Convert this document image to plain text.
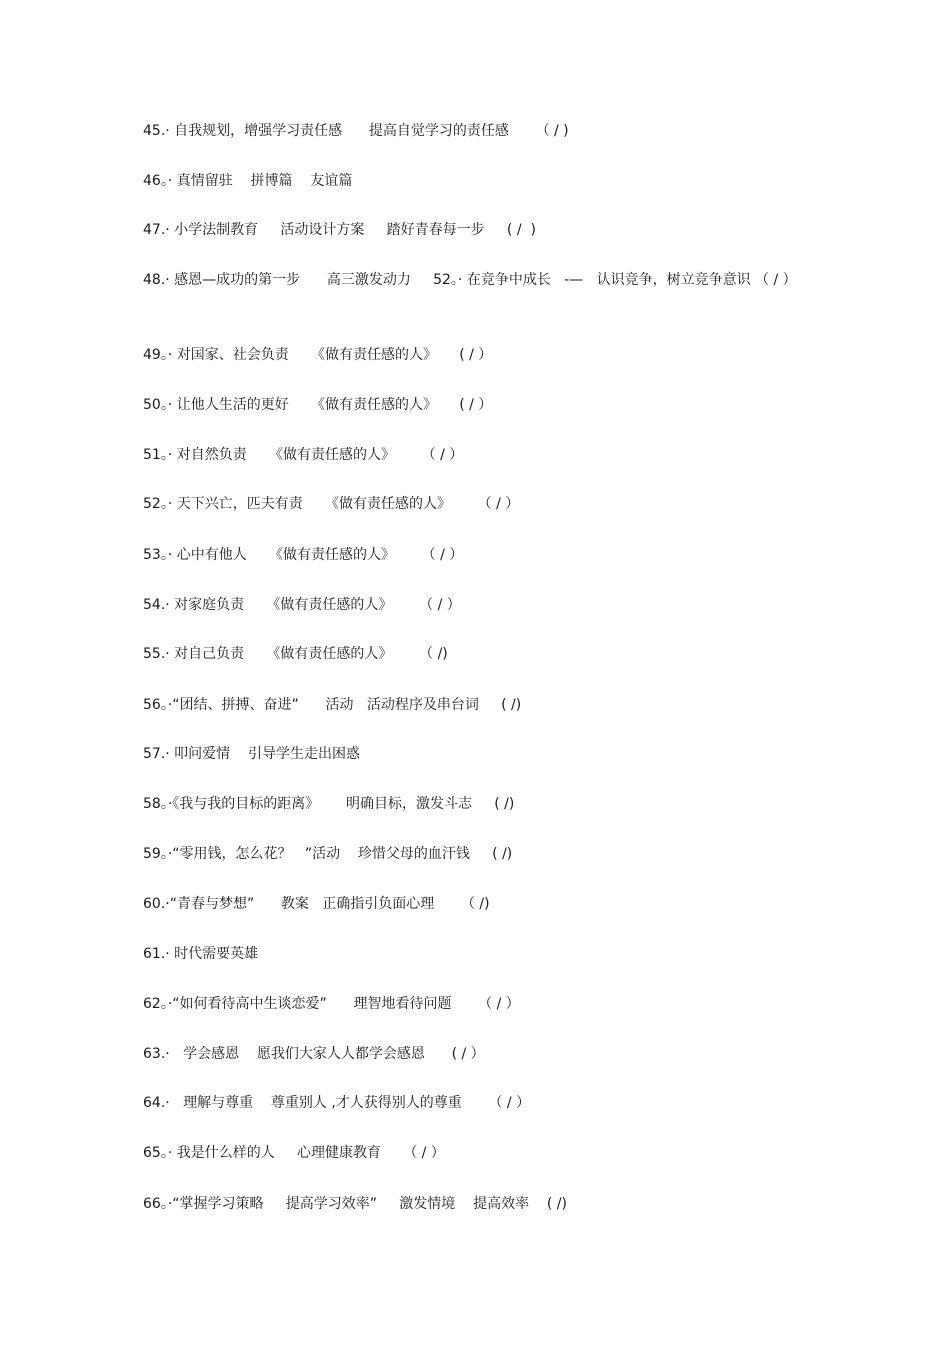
45.· 自我规划，增强学习责任感      提高自觉学习的责任感      （ / )
46。· 真情留驻    拼博篇    友谊篇
47.· 小学法制教育     活动设计方案     踏好青春每一步     ( /  )
48.· 感恩—成功的第一步      高三激发动力     52。· 在竞争中成长   -—   认识竞争，树立竞争意识 （ / ）
49。· 对国家、社会负责     《做有责任感的人》     ( / ）
50。· 让他人生活的更好     《做有责任感的人》     ( / ）
51。· 对自然负责     《做有责任感的人》      （ / ）
52。· 天下兴亡，匹夫有责     《做有责任感的人》      （ / ）
53。· 心中有他人     《做有责任感的人》      （ / ）
54.· 对家庭负责     《做有责任感的人》      （ / ）
55.· 对自己负责     《做有责任感的人》      （ /)
56。·“团结、拼搏、奋进”      活动   活动程序及串台词     ( /)
57.· 叩问爱情    引导学生走出困惑
58。·《我与我的目标的距离》      明确目标，激发斗志     ( /)
59。·“零用钱，怎么花？   ”活动    珍惜父母的血汗钱     ( /)
60.·“青春与梦想”      教案   正确指引负面心理      （ /)
61.· 时代需要英雄
62。·“如何看待高中生谈恋爱”      理智地看待问题      （ / ）
63.·   学会感恩    愿我们大家人人都学会感恩      ( / ）
64.·   理解与尊重    尊重别人 ,才人获得别人的尊重      （ / ）
65。· 我是什么样的人     心理健康教育     （ / ）
66。·“掌握学习策略     提高学习效率”     激发情境    提高效率    ( /)
